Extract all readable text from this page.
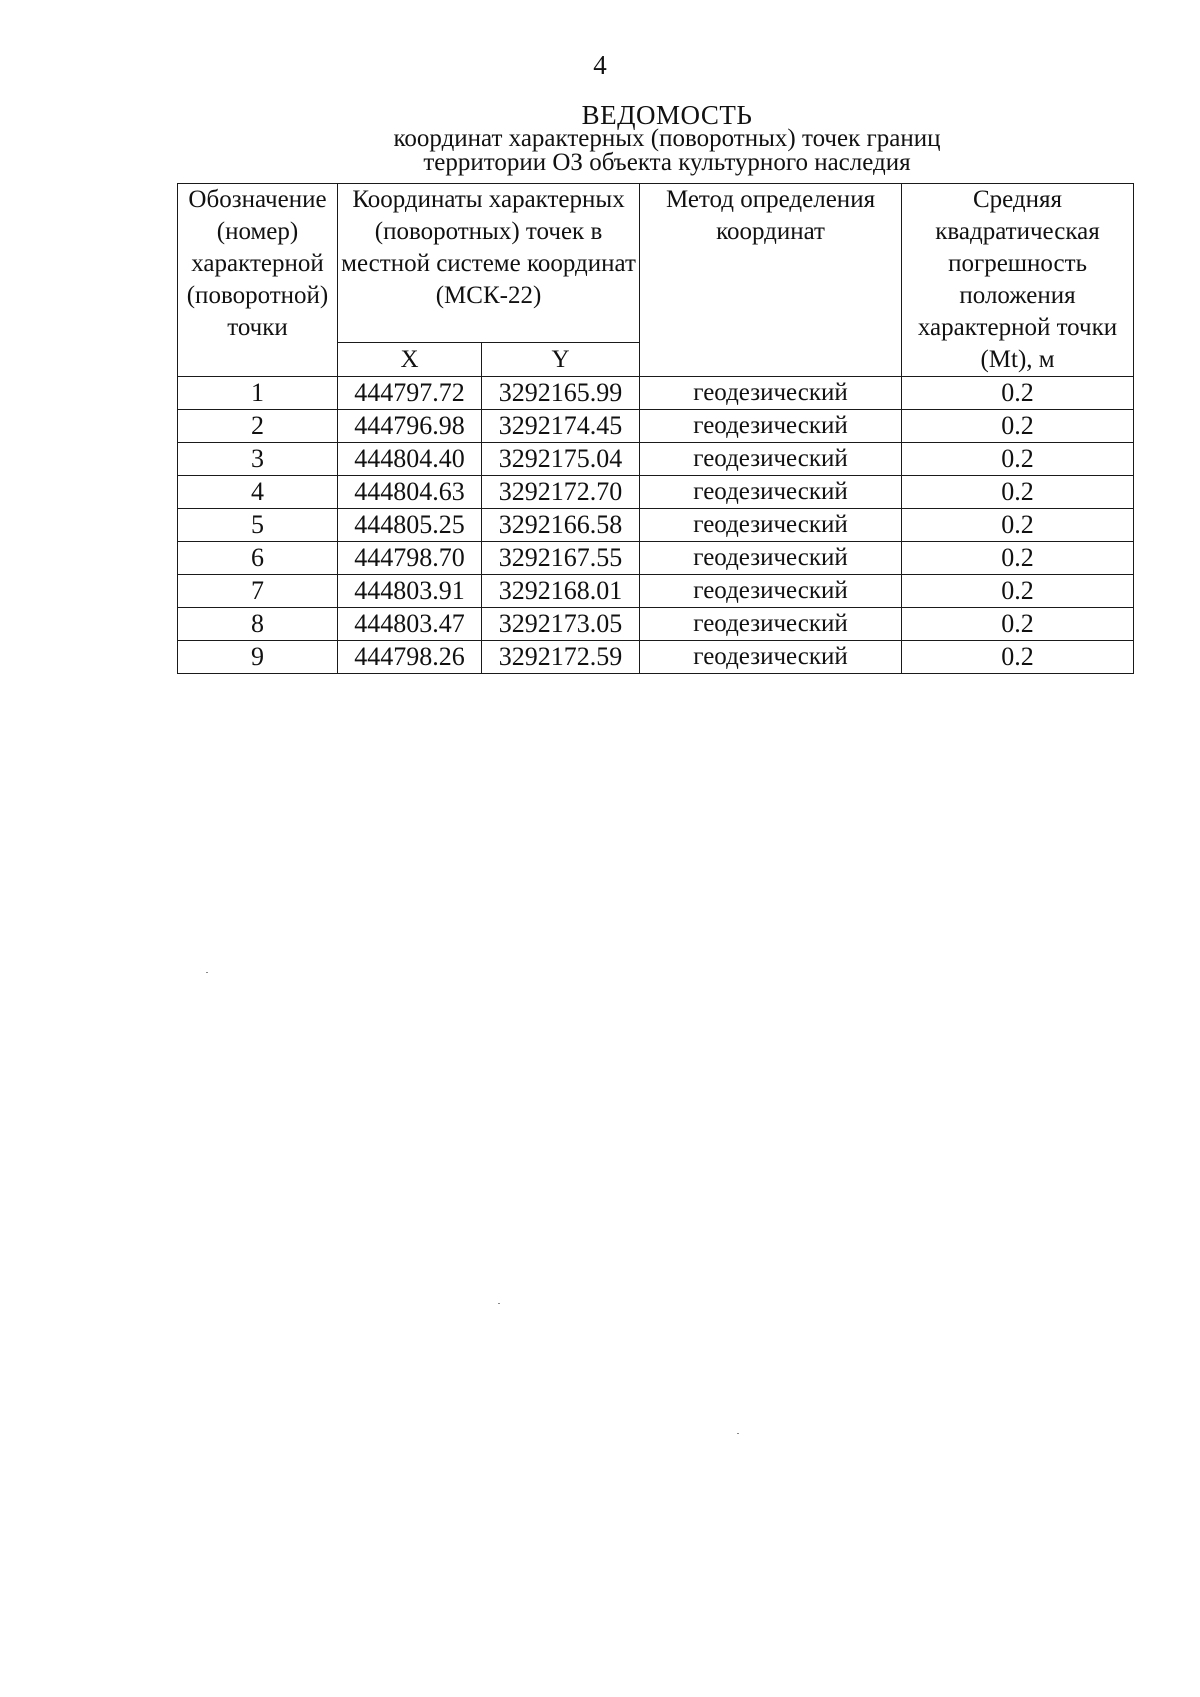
4
ВЕДОМОСТЬ
координат характерных (поворотных) точек границ
территории ОЗ объекта культурного наследия
Обозначение (номер) характерной (поворотной) точки	Координаты характерных (поворотных) точек в местной системе координат (МСК-22)		Метод определения координат	Средняя квадратическая погрешность положения характерной точки (Mt), м
	X	Y		
1	444797.72	3292165.99	геодезический	0.2
2	444796.98	3292174.45	геодезический	0.2
3	444804.40	3292175.04	геодезический	0.2
4	444804.63	3292172.70	геодезический	0.2
5	444805.25	3292166.58	геодезический	0.2
6	444798.70	3292167.55	геодезический	0.2
7	444803.91	3292168.01	геодезический	0.2
8	444803.47	3292173.05	геодезический	0.2
9	444798.26	3292172.59	геодезический	0.2
